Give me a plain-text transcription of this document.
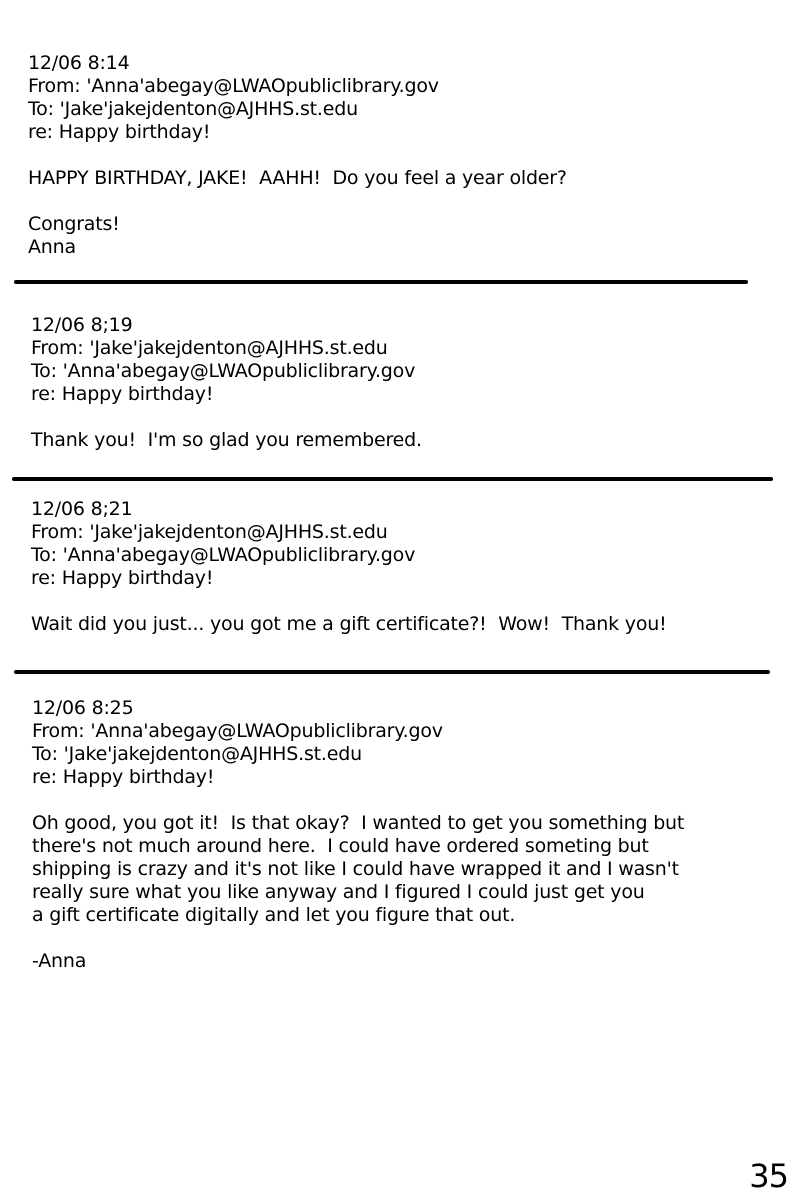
12/06 8:14
From: 'Anna'abegay@LWAOpubliclibrary.gov
To: 'Jake'jakejdenton@AJHHS.st.edu
re: Happy birthday!
HAPPY BIRTHDAY, JAKE!  AAHH!  Do you feel a year older?
Congrats!
Anna
12/06 8;19
From: 'Jake'jakejdenton@AJHHS.st.edu
To: 'Anna'abegay@LWAOpubliclibrary.gov
re: Happy birthday!
Thank you!  I'm so glad you remembered.
12/06 8;21
From: 'Jake'jakejdenton@AJHHS.st.edu
To: 'Anna'abegay@LWAOpubliclibrary.gov
re: Happy birthday!
Wait did you just... you got me a gift certificate?!  Wow!  Thank you!
12/06 8:25
From: 'Anna'abegay@LWAOpubliclibrary.gov
To: 'Jake'jakejdenton@AJHHS.st.edu
re: Happy birthday!
Oh good, you got it!  Is that okay?  I wanted to get you something but
there's not much around here.  I could have ordered someting but
shipping is crazy and it's not like I could have wrapped it and I wasn't
really sure what you like anyway and I figured I could just get you
a gift certificate digitally and let you figure that out.
-Anna
35
